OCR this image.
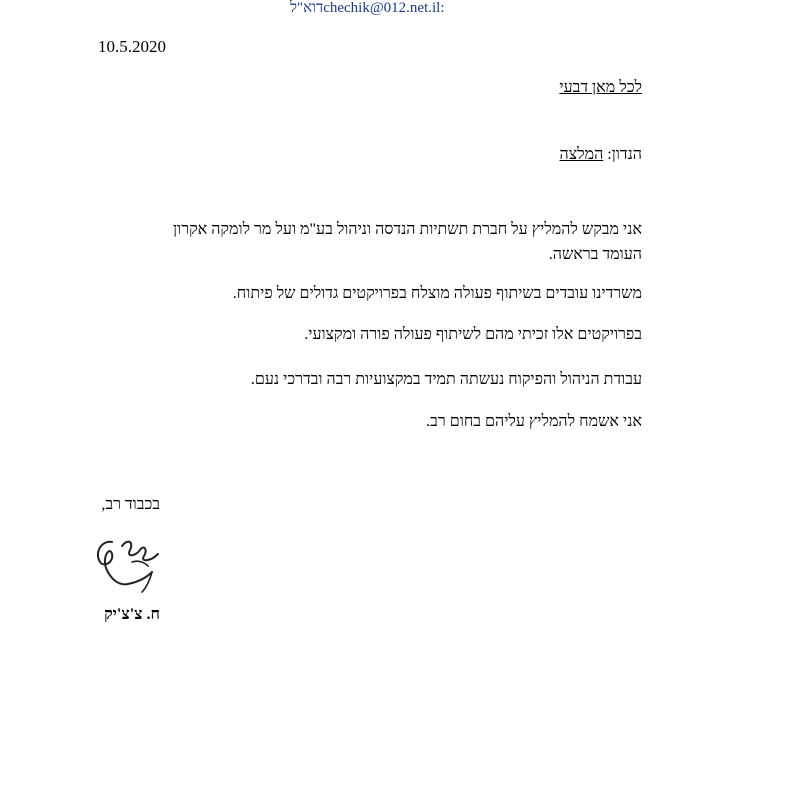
chechik@012.net.ilדוא"ל:
10.5.2020
לכל מאן דבעי
הנדון: המלצה
אני מבקש להמליץ על חברת תשתיות הנדסה וניהול בע"מ ועל מר לומקה אקרון העומד בראשה.
משרדינו עובדים בשיתוף פעולה מוצלח בפרויקטים גדולים של פיתוח.
בפרויקטים אלו זכיתי מהם לשיתוף פעולה פורה ומקצועי.
עבודת הניהול והפיקוח נעשתה תמיד במקצועיות רבה ובדרכי נעם.
אני אשמח להמליץ עליהם בחום רב.
בכבוד רב,
ח. צ'צ'יק
